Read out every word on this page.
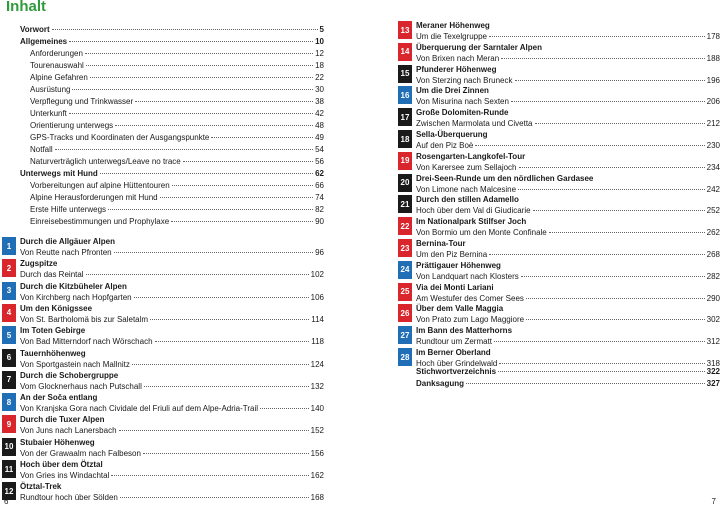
Inhalt
Vorwort	5
Allgemeines	10
Anforderungen	12
Tourenauswahl	18
Alpine Gefahren	22
Ausrüstung	30
Verpflegung und Trinkwasser	38
Unterkunft	42
Orientierung unterwegs	48
GPS-Tracks und Koordinaten der Ausgangspunkte	49
Notfall	54
Naturverträglich unterwegs/Leave no trace	56
Unterwegs mit Hund	62
Vorbereitungen auf alpine Hüttentouren	66
Alpine Herausforderungen mit Hund	74
Erste Hilfe unterwegs	82
Einreisebestimmungen und Prophylaxe	90
1	Durch die Allgäuer Alpen
Von Reutte nach Pfronten	96
2	Zugspitze
Durch das Reintal	102
3	Durch die Kitzbüheler Alpen
Von Kirchberg nach Hopfgarten	106
4	Um den Königssee
Von St. Bartholomä bis zur Saletalm	114
5	Im Toten Gebirge
Von Bad Mitterndorf nach Wörschach	118
6	Tauernhöhenweg
Von Sportgastein nach Mallnitz	124
7	Durch die Schobergruppe
Vom Glocknerhaus nach Putschall	132
8	An der Soča entlang
Von Kranjska Gora nach Cividale del Friuli auf dem Alpe-Adria-Trail	140
9	Durch die Tuxer Alpen
Von Juns nach Lanersbach	152
10 Stubaier Höhenweg
Von der Grawaalm nach Falbeson	156
11 Hoch über dem Ötztal
Von Gries ins Windachtal	162
12 Ötztal-Trek
Rundtour hoch über Sölden	168
13 Meraner Höhenweg
Um die Texelgruppe	178
14 Überquerung der Sarntaler Alpen
Von Brixen nach Meran	188
15 Pfunderer Höhenweg
Von Sterzing nach Bruneck	196
16 Um die Drei Zinnen
Von Misurina nach Sexten	206
17 Große Dolomiten-Runde
Zwischen Marmolata und Civetta	212
18 Sella-Überquerung
Auf den Piz Boè	230
19 Rosengarten-Langkofel-Tour
Von Karersee zum Sellajoch	234
20 Drei-Seen-Runde um den nördlichen Gardasee
Von Limone nach Malcesine	242
21 Durch den stillen Adamello
Hoch über dem Val di Giudicarie	252
22 Im Nationalpark Stilfser Joch
Von Bormio um den Monte Confinale	262
23 Bernina-Tour
Um den Piz Bernina	268
24 Prättigauer Höhenweg
Von Landquart nach Klosters	282
25 Via dei Monti Lariani
Am Westufer des Comer Sees	290
26 Über dem Valle Maggia
Von Prato zum Lago Maggiore	302
27 Im Bann des Matterhorns
Rundtour um Zermatt	312
28 Im Berner Oberland
Hoch über Grindelwald	318
Stichwortverzeichnis	322
Danksagung	327
6	7
